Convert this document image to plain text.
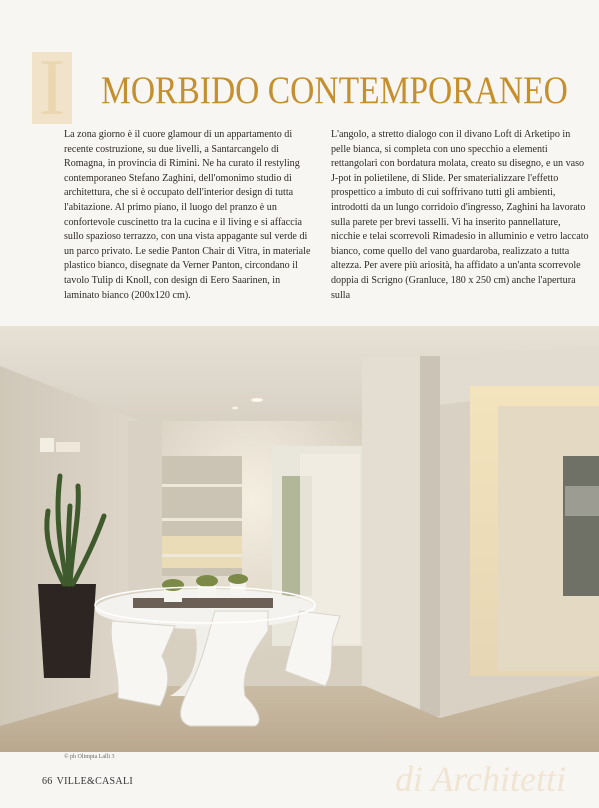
I MORBIDO CONTEMPORANEO

La zona giorno è il cuore glamour di un appartamento di recente costruzione, su due livelli, a Santarcangelo di Romagna, in provincia di Rimini. Ne ha curato il restyling contemporaneo Stefano Zaghini, dell'omonimo studio di architettura, che si è occupato dell'interior design di tutta l'abitazione. Al primo piano, il luogo del pranzo è un confortevole cuscinetto tra la cucina e il living e si affaccia sullo spazioso terrazzo, con una vista appagante sul verde di un parco privato. Le sedie Panton Chair di Vitra, in materiale plastico bianco, disegnate da Verner Panton, circondano il tavolo Tulip di Knoll, con design di Eero Saarinen, in laminato bianco (200x120 cm).

L'angolo, a stretto dialogo con il divano Loft di Arketipo in pelle bianca, si completa con uno specchio a elementi rettangolari con bordatura molata, creato su disegno, e un vaso J-pot in polietilene, di Slide. Per smaterializzare l'effetto prospettico a imbuto di cui soffrivano tutti gli ambienti, introdotti da un lungo corridoio d'ingresso, Zaghini ha lavorato sulla parete per brevi tasselli. Vi ha inserito pannellature, nicchie e telai scorrevoli Rimadesio in alluminio e vetro laccato bianco, come quello del vano guardaroba, realizzato a tutta altezza. Per avere più ariosità, ha affidato a un'anta scorrevole doppia di Scrigno (Granluce, 180 x 250 cm) anche l'apertura sulla

© ph Olimpia Lalli 3
66 VILLE&CASALI	di Architetti
